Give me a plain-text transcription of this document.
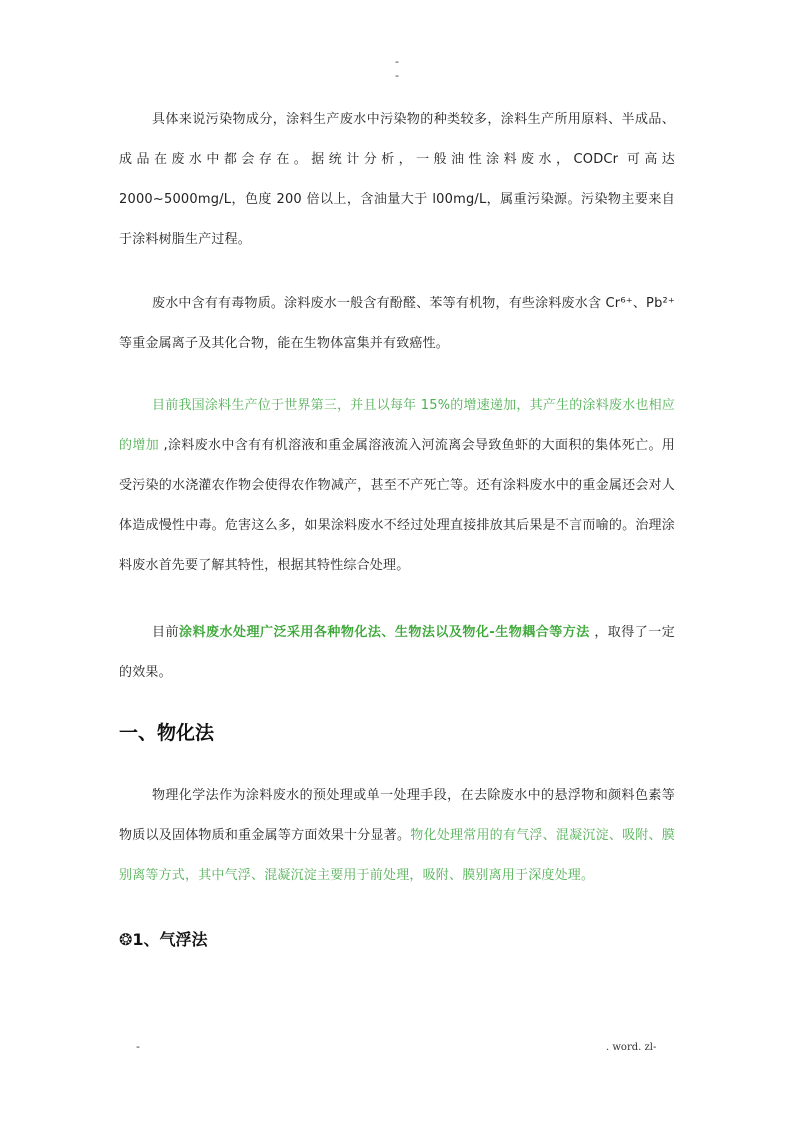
-
-

具体来说污染物成分，涂料生产废水中污染物的种类较多，涂料生产所用原料、半成品、成品在废水中都会存在。据统计分析，一般油性涂料废水，CODCr 可高达 2000~5000mg/L，色度 200 倍以上，含油量大于 l00mg/L，属重污染源。污染物主要来自于涂料树脂生产过程。

废水中含有有毒物质。涂料废水一般含有酚醛、苯等有机物，有些涂料废水含 Cr⁶⁺、Pb²⁺等重金属离子及其化合物，能在生物体富集并有致癌性。

目前我国涂料生产位于世界第三，并且以每年 15%的增速递加，其产生的涂料废水也相应的增加 ,涂料废水中含有有机溶液和重金属溶液流入河流离会导致鱼虾的大面积的集体死亡。用受污染的水浇灌农作物会使得农作物减产，甚至不产死亡等。还有涂料废水中的重金属还会对人体造成慢性中毒。危害这么多，如果涂料废水不经过处理直接排放其后果是不言而喻的。治理涂料废水首先要了解其特性，根据其特性综合处理。

目前涂料废水处理广泛采用各种物化法、生物法以及物化-生物耦合等方法 ，取得了一定的效果。

一、物化法

物理化学法作为涂料废水的预处理或单一处理手段，在去除废水中的悬浮物和颜料色素等物质以及固体物质和重金属等方面效果十分显著。物化处理常用的有气浮、混凝沉淀、吸附、膜别离等方式，其中气浮、混凝沉淀主要用于前处理，吸附、膜别离用于深度处理。

❂1、气浮法
-	. word. zl-
